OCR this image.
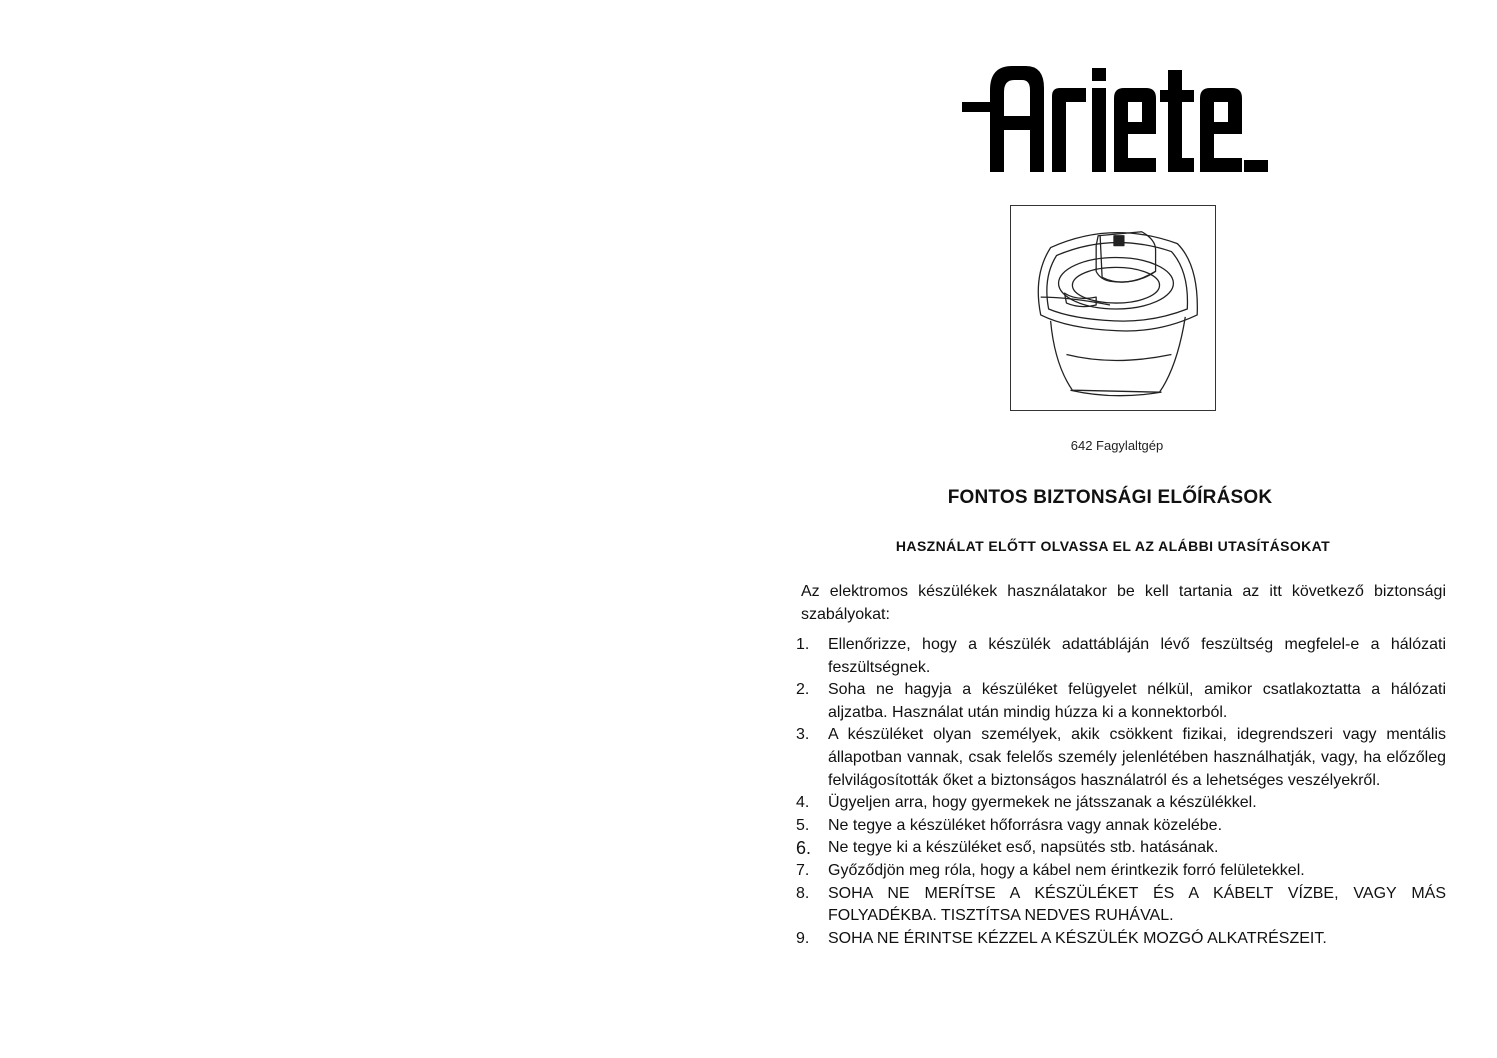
642 Fagylaltgép
FONTOS BIZTONSÁGI ELŐÍRÁSOK
HASZNÁLAT ELŐTT OLVASSA EL AZ ALÁBBI UTASÍTÁSOKAT
Az elektromos készülékek használatakor be kell tartania az itt következő biztonsági szabályokat:
1. Ellenőrizze, hogy a készülék adattábláján lévő feszültség megfelel-e a hálózati feszültségnek.
2. Soha ne hagyja a készüléket felügyelet nélkül, amikor csatlakoztatta a hálózati aljzatba. Használat után mindig húzza ki a konnektorból.
3. A készüléket olyan személyek, akik csökkent fizikai, idegrendszeri vagy mentális állapotban vannak, csak felelős személy jelenlétében használhatják, vagy, ha előzőleg felvilágosították őket a biztonságos használatról és a lehetséges veszélyekről.
4. Ügyeljen arra, hogy gyermekek ne játsszanak a készülékkel.
5. Ne tegye a készüléket hőforrásra vagy annak közelébe.
6. Ne tegye ki a készüléket eső, napsütés stb. hatásának.
7. Győződjön meg róla, hogy a kábel nem érintkezik forró felületekkel.
8. SOHA NE MERÍTSE A KÉSZÜLÉKET ÉS A KÁBELT VÍZBE, VAGY MÁS FOLYADÉKBA. TISZTÍTSA NEDVES RUHÁVAL.
9. SOHA NE ÉRINTSE KÉZZEL A KÉSZÜLÉK MOZGÓ ALKATRÉSZEIT.
